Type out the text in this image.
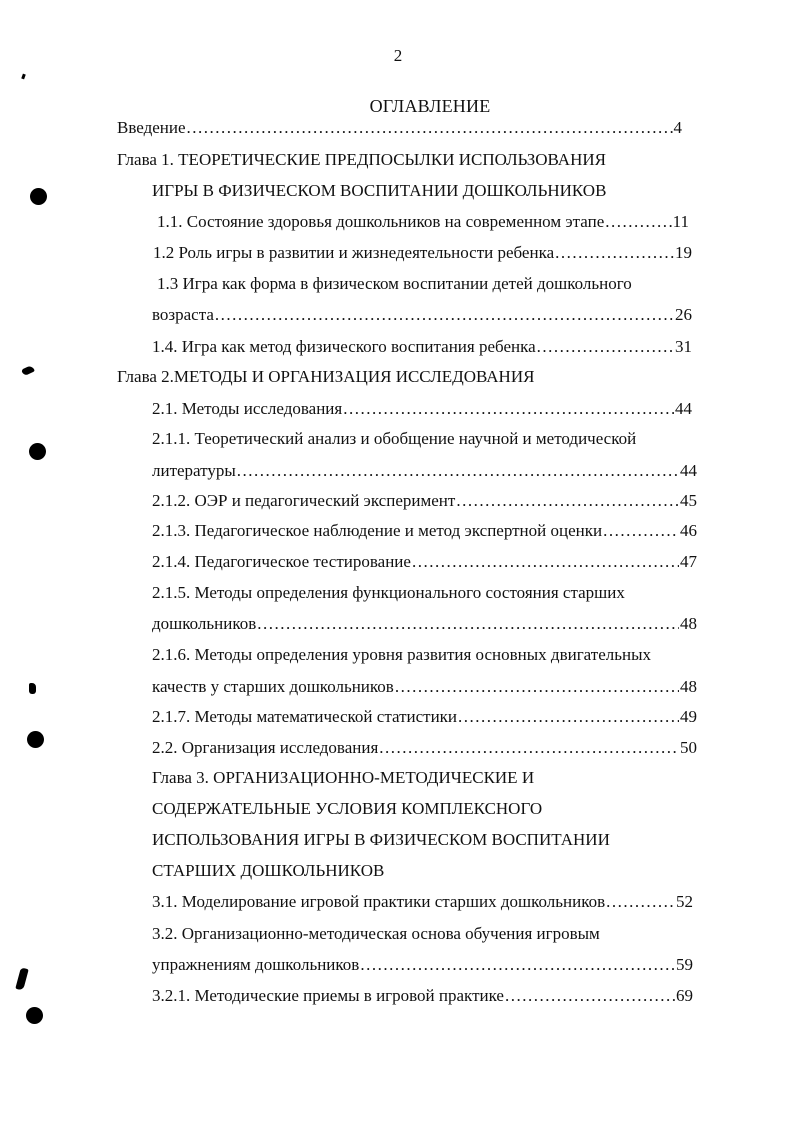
2
ОГЛАВЛЕНИЕ
Введение .....	4
Глава 1. ТЕОРЕТИЧЕСКИЕ ПРЕДПОСЫЛКИ ИСПОЛЬЗОВАНИЯ
ИГРЫ В ФИЗИЧЕСКОМ ВОСПИТАНИИ ДОШКОЛЬНИКОВ
1.1. Состояние здоровья дошкольников на современном этапе .....	11
1.2 Роль игры в развитии и жизнедеятельности ребенка .....	19
1.3 Игра как форма в физическом воспитании детей дошкольного
возраста .....	26
1.4. Игра как метод физического воспитания ребенка .....	31
Глава 2.МЕТОДЫ И ОРГАНИЗАЦИЯ ИССЛЕДОВАНИЯ
2.1. Методы исследования .....	44
2.1.1. Теоретический анализ и обобщение научной и методической
литературы .....	44
2.1.2. ОЭР и педагогический эксперимент .....	45
2.1.3. Педагогическое наблюдение и метод экспертной оценки .....	46
2.1.4. Педагогическое тестирование .....	47
2.1.5. Методы определения функционального состояния старших
дошкольников .....	48
2.1.6. Методы определения уровня развития основных двигательных
качеств у старших дошкольников .....	48
2.1.7. Методы математической статистики .....	49
2.2. Организация исследования .....	50
Глава 3. ОРГАНИЗАЦИОННО-МЕТОДИЧЕСКИЕ И
СОДЕРЖАТЕЛЬНЫЕ УСЛОВИЯ КОМПЛЕКСНОГО
ИСПОЛЬЗОВАНИЯ ИГРЫ В ФИЗИЧЕСКОМ ВОСПИТАНИИ
СТАРШИХ ДОШКОЛЬНИКОВ
3.1. Моделирование игровой практики старших дошкольников .....	52
3.2. Организационно-методическая основа обучения игровым
упражнениям дошкольников .....	59
3.2.1. Методические приемы в игровой практике .....	69
